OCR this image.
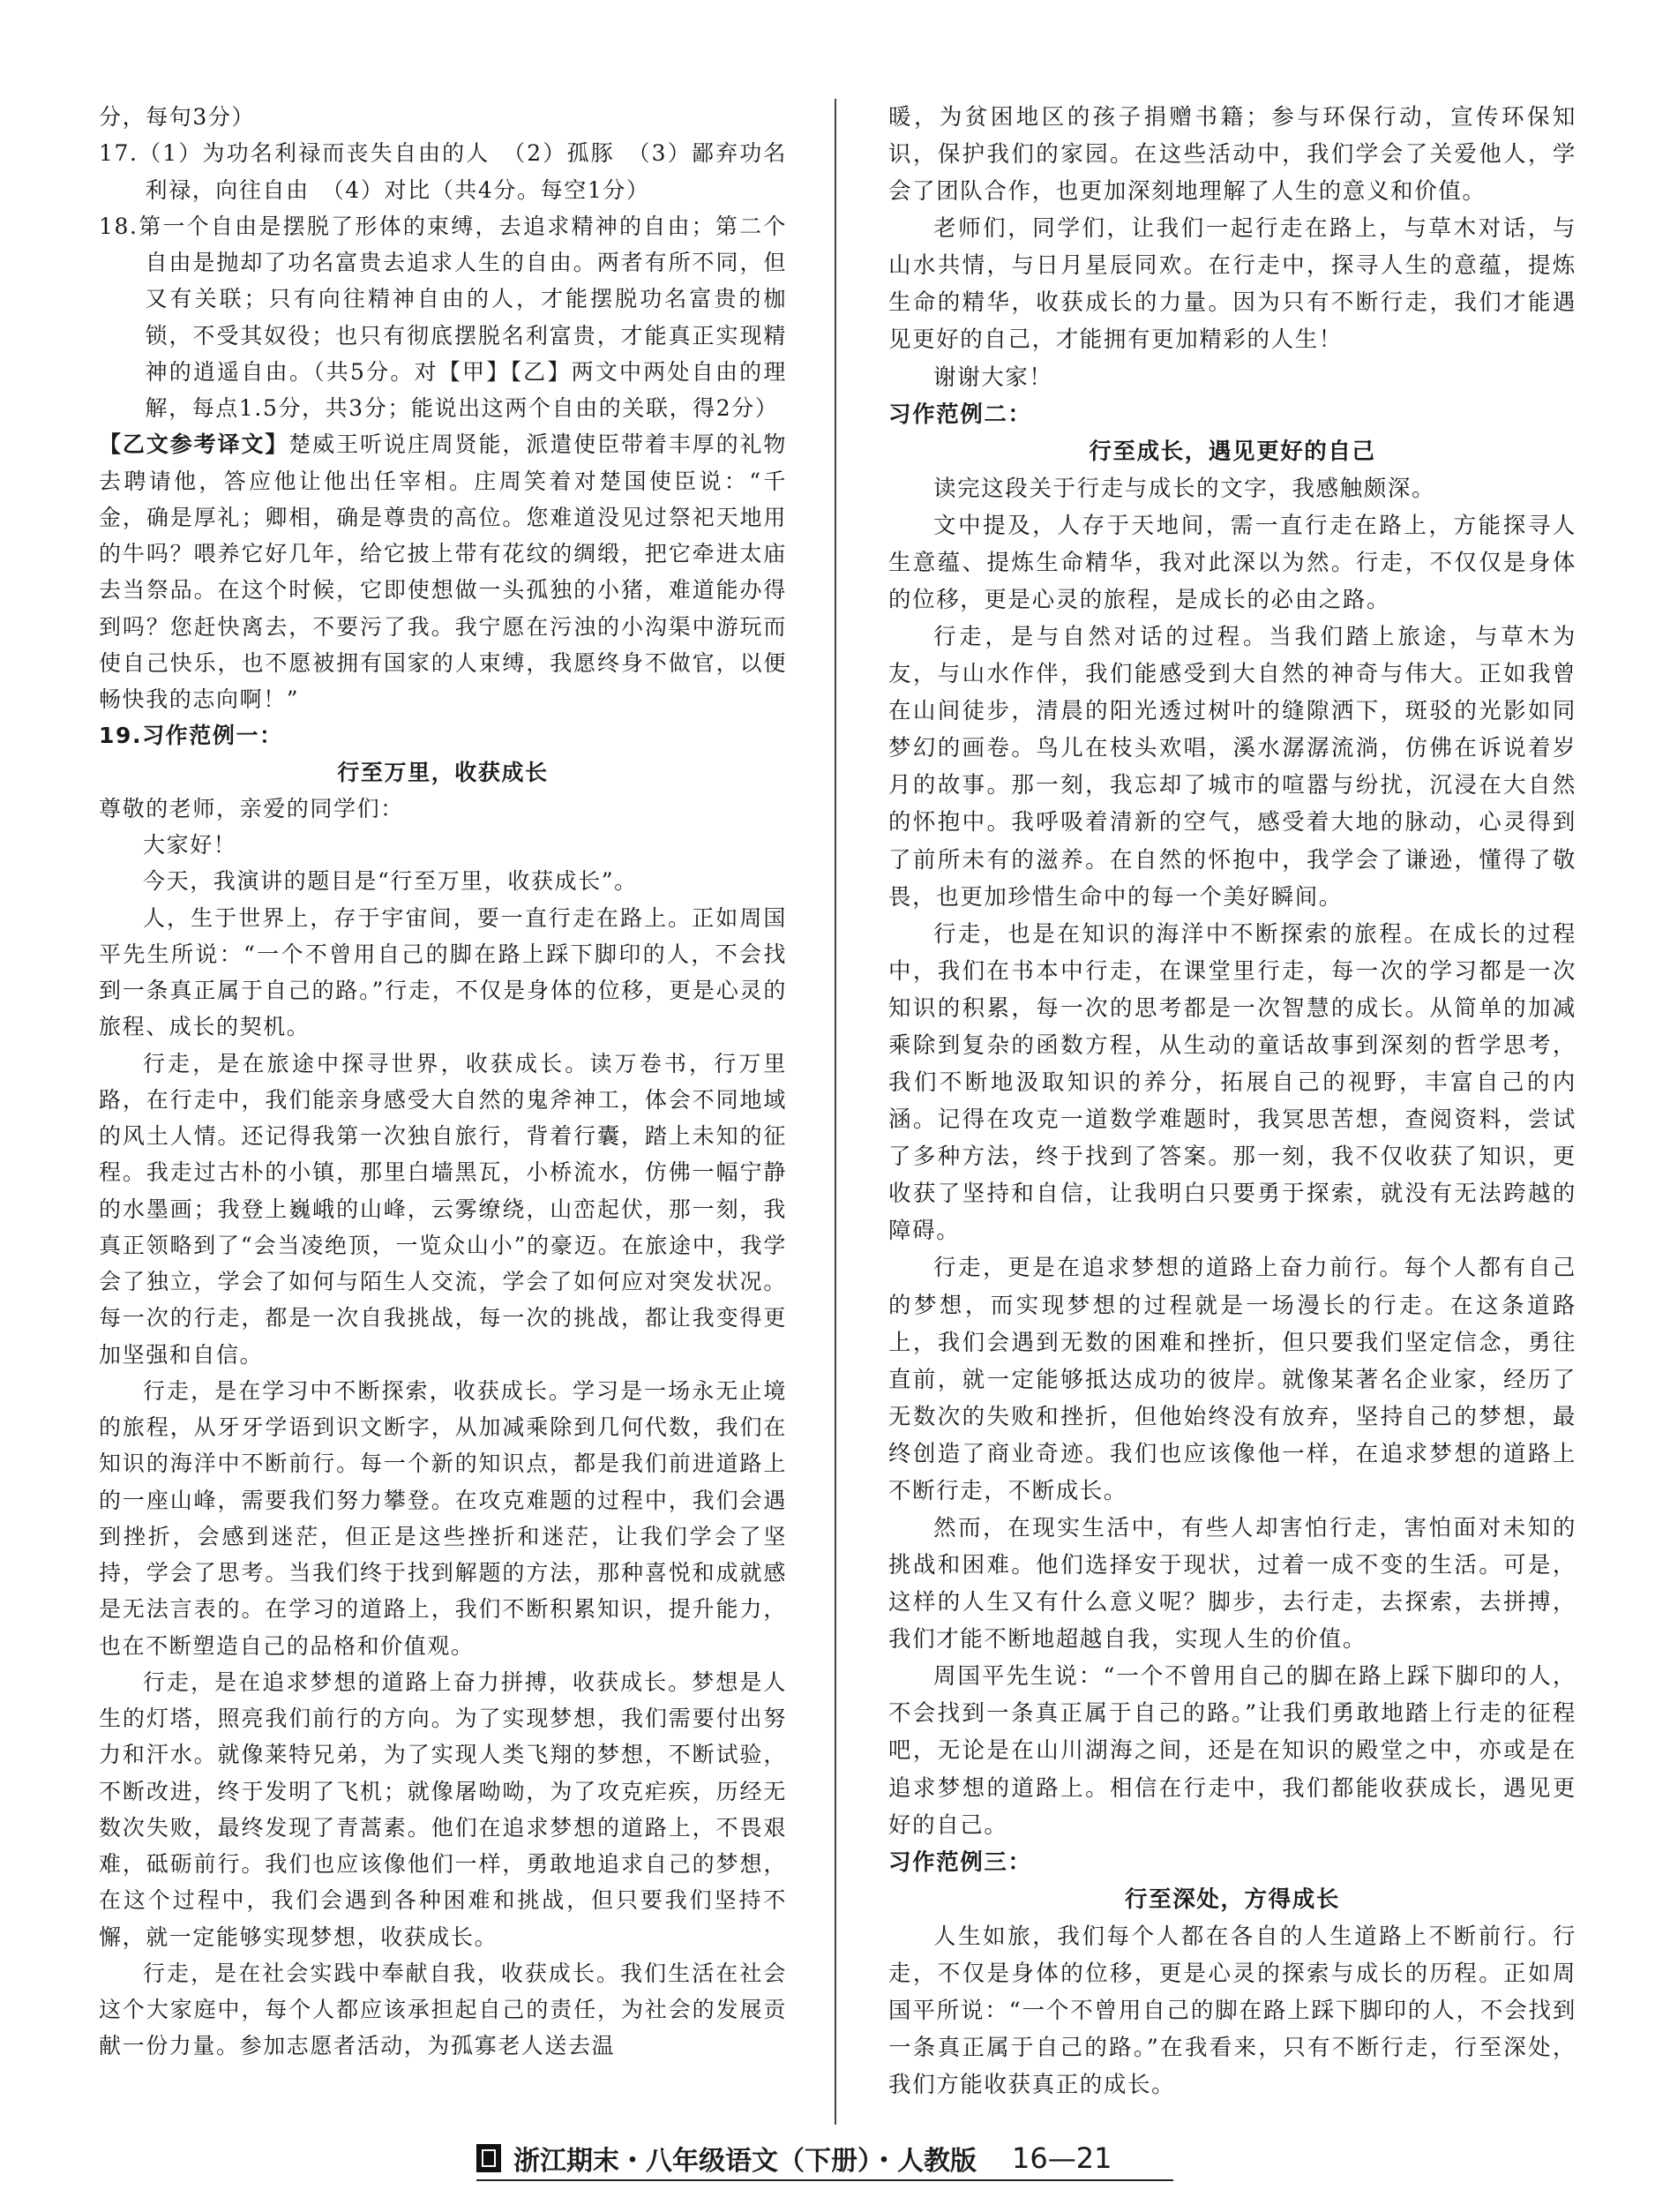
分，每句3分）

17.（1）为功名利禄而丧失自由的人　（2）孤豚　（3）鄙弃功名利禄，向往自由　（4）对比（共4分。每空1分）

18.第一个自由是摆脱了形体的束缚，去追求精神的自由；第二个自由是抛却了功名富贵去追求人生的自由。两者有所不同，但又有关联；只有向往精神自由的人，才能摆脱功名富贵的枷锁，不受其奴役；也只有彻底摆脱名利富贵，才能真正实现精神的逍遥自由。（共5分。对【甲】【乙】两文中两处自由的理解，每点1.5分，共3分；能说出这两个自由的关联，得2分）

【乙文参考译文】楚威王听说庄周贤能，派遣使臣带着丰厚的礼物去聘请他，答应他让他出任宰相。庄周笑着对楚国使臣说：“千金，确是厚礼；卿相，确是尊贵的高位。您难道没见过祭祀天地用的牛吗？喂养它好几年，给它披上带有花纹的绸缎，把它牵进太庙去当祭品。在这个时候，它即使想做一头孤独的小猪，难道能办得到吗？您赶快离去，不要污了我。我宁愿在污浊的小沟渠中游玩而使自己快乐，也不愿被拥有国家的人束缚，我愿终身不做官，以便畅快我的志向啊！”

19.习作范例一：

行至万里，收获成长

尊敬的老师，亲爱的同学们：

大家好！

今天，我演讲的题目是“行至万里，收获成长”。

人，生于世界上，存于宇宙间，要一直行走在路上。正如周国平先生所说：“一个不曾用自己的脚在路上踩下脚印的人，不会找到一条真正属于自己的路。”行走，不仅是身体的位移，更是心灵的旅程、成长的契机。

行走，是在旅途中探寻世界，收获成长。读万卷书，行万里路，在行走中，我们能亲身感受大自然的鬼斧神工，体会不同地域的风土人情。还记得我第一次独自旅行，背着行囊，踏上未知的征程。我走过古朴的小镇，那里白墙黑瓦，小桥流水，仿佛一幅宁静的水墨画；我登上巍峨的山峰，云雾缭绕，山峦起伏，那一刻，我真正领略到了“会当凌绝顶，一览众山小”的豪迈。在旅途中，我学会了独立，学会了如何与陌生人交流，学会了如何应对突发状况。每一次的行走，都是一次自我挑战，每一次的挑战，都让我变得更加坚强和自信。

行走，是在学习中不断探索，收获成长。学习是一场永无止境的旅程，从牙牙学语到识文断字，从加减乘除到几何代数，我们在知识的海洋中不断前行。每一个新的知识点，都是我们前进道路上的一座山峰，需要我们努力攀登。在攻克难题的过程中，我们会遇到挫折，会感到迷茫，但正是这些挫折和迷茫，让我们学会了坚持，学会了思考。当我们终于找到解题的方法，那种喜悦和成就感是无法言表的。在学习的道路上，我们不断积累知识，提升能力，也在不断塑造自己的品格和价值观。

行走，是在追求梦想的道路上奋力拼搏，收获成长。梦想是人生的灯塔，照亮我们前行的方向。为了实现梦想，我们需要付出努力和汗水。就像莱特兄弟，为了实现人类飞翔的梦想，不断试验，不断改进，终于发明了飞机；就像屠呦呦，为了攻克疟疾，历经无数次失败，最终发现了青蒿素。他们在追求梦想的道路上，不畏艰难，砥砺前行。我们也应该像他们一样，勇敢地追求自己的梦想，在这个过程中，我们会遇到各种困难和挑战，但只要我们坚持不懈，就一定能够实现梦想，收获成长。

行走，是在社会实践中奉献自我，收获成长。我们生活在社会这个大家庭中，每个人都应该承担起自己的责任，为社会的发展贡献一份力量。参加志愿者活动，为孤寡老人送去温

暖，为贫困地区的孩子捐赠书籍；参与环保行动，宣传环保知识，保护我们的家园。在这些活动中，我们学会了关爱他人，学会了团队合作，也更加深刻地理解了人生的意义和价值。

老师们，同学们，让我们一起行走在路上，与草木对话，与山水共情，与日月星辰同欢。在行走中，探寻人生的意蕴，提炼生命的精华，收获成长的力量。因为只有不断行走，我们才能遇见更好的自己，才能拥有更加精彩的人生！

谢谢大家！

习作范例二：

行至成长，遇见更好的自己

读完这段关于行走与成长的文字，我感触颇深。

文中提及，人存于天地间，需一直行走在路上，方能探寻人生意蕴、提炼生命精华，我对此深以为然。行走，不仅仅是身体的位移，更是心灵的旅程，是成长的必由之路。

行走，是与自然对话的过程。当我们踏上旅途，与草木为友，与山水作伴，我们能感受到大自然的神奇与伟大。正如我曾在山间徒步，清晨的阳光透过树叶的缝隙洒下，斑驳的光影如同梦幻的画卷。鸟儿在枝头欢唱，溪水潺潺流淌，仿佛在诉说着岁月的故事。那一刻，我忘却了城市的喧嚣与纷扰，沉浸在大自然的怀抱中。我呼吸着清新的空气，感受着大地的脉动，心灵得到了前所未有的滋养。在自然的怀抱中，我学会了谦逊，懂得了敬畏，也更加珍惜生命中的每一个美好瞬间。

行走，也是在知识的海洋中不断探索的旅程。在成长的过程中，我们在书本中行走，在课堂里行走，每一次的学习都是一次知识的积累，每一次的思考都是一次智慧的成长。从简单的加减乘除到复杂的函数方程，从生动的童话故事到深刻的哲学思考，我们不断地汲取知识的养分，拓展自己的视野，丰富自己的内涵。记得在攻克一道数学难题时，我冥思苦想，查阅资料，尝试了多种方法，终于找到了答案。那一刻，我不仅收获了知识，更收获了坚持和自信，让我明白只要勇于探索，就没有无法跨越的障碍。

行走，更是在追求梦想的道路上奋力前行。每个人都有自己的梦想，而实现梦想的过程就是一场漫长的行走。在这条道路上，我们会遇到无数的困难和挫折，但只要我们坚定信念，勇往直前，就一定能够抵达成功的彼岸。就像某著名企业家，经历了无数次的失败和挫折，但他始终没有放弃，坚持自己的梦想，最终创造了商业奇迹。我们也应该像他一样，在追求梦想的道路上不断行走，不断成长。

然而，在现实生活中，有些人却害怕行走，害怕面对未知的挑战和困难。他们选择安于现状，过着一成不变的生活。可是，这样的人生又有什么意义呢？脚步，去行走，去探索，去拼搏，我们才能不断地超越自我，实现人生的价值。

周国平先生说：“一个不曾用自己的脚在路上踩下脚印的人，不会找到一条真正属于自己的路。”让我们勇敢地踏上行走的征程吧，无论是在山川湖海之间，还是在知识的殿堂之中，亦或是在追求梦想的道路上。相信在行走中，我们都能收获成长，遇见更好的自己。

习作范例三：

行至深处，方得成长

人生如旅，我们每个人都在各自的人生道路上不断前行。行走，不仅是身体的位移，更是心灵的探索与成长的历程。正如周国平所说：“一个不曾用自己的脚在路上踩下脚印的人，不会找到一条真正属于自己的路。”在我看来，只有不断行走，行至深处，我们方能收获真正的成长。

浙江期末・八年级语文（下册）・人教版 16—21
